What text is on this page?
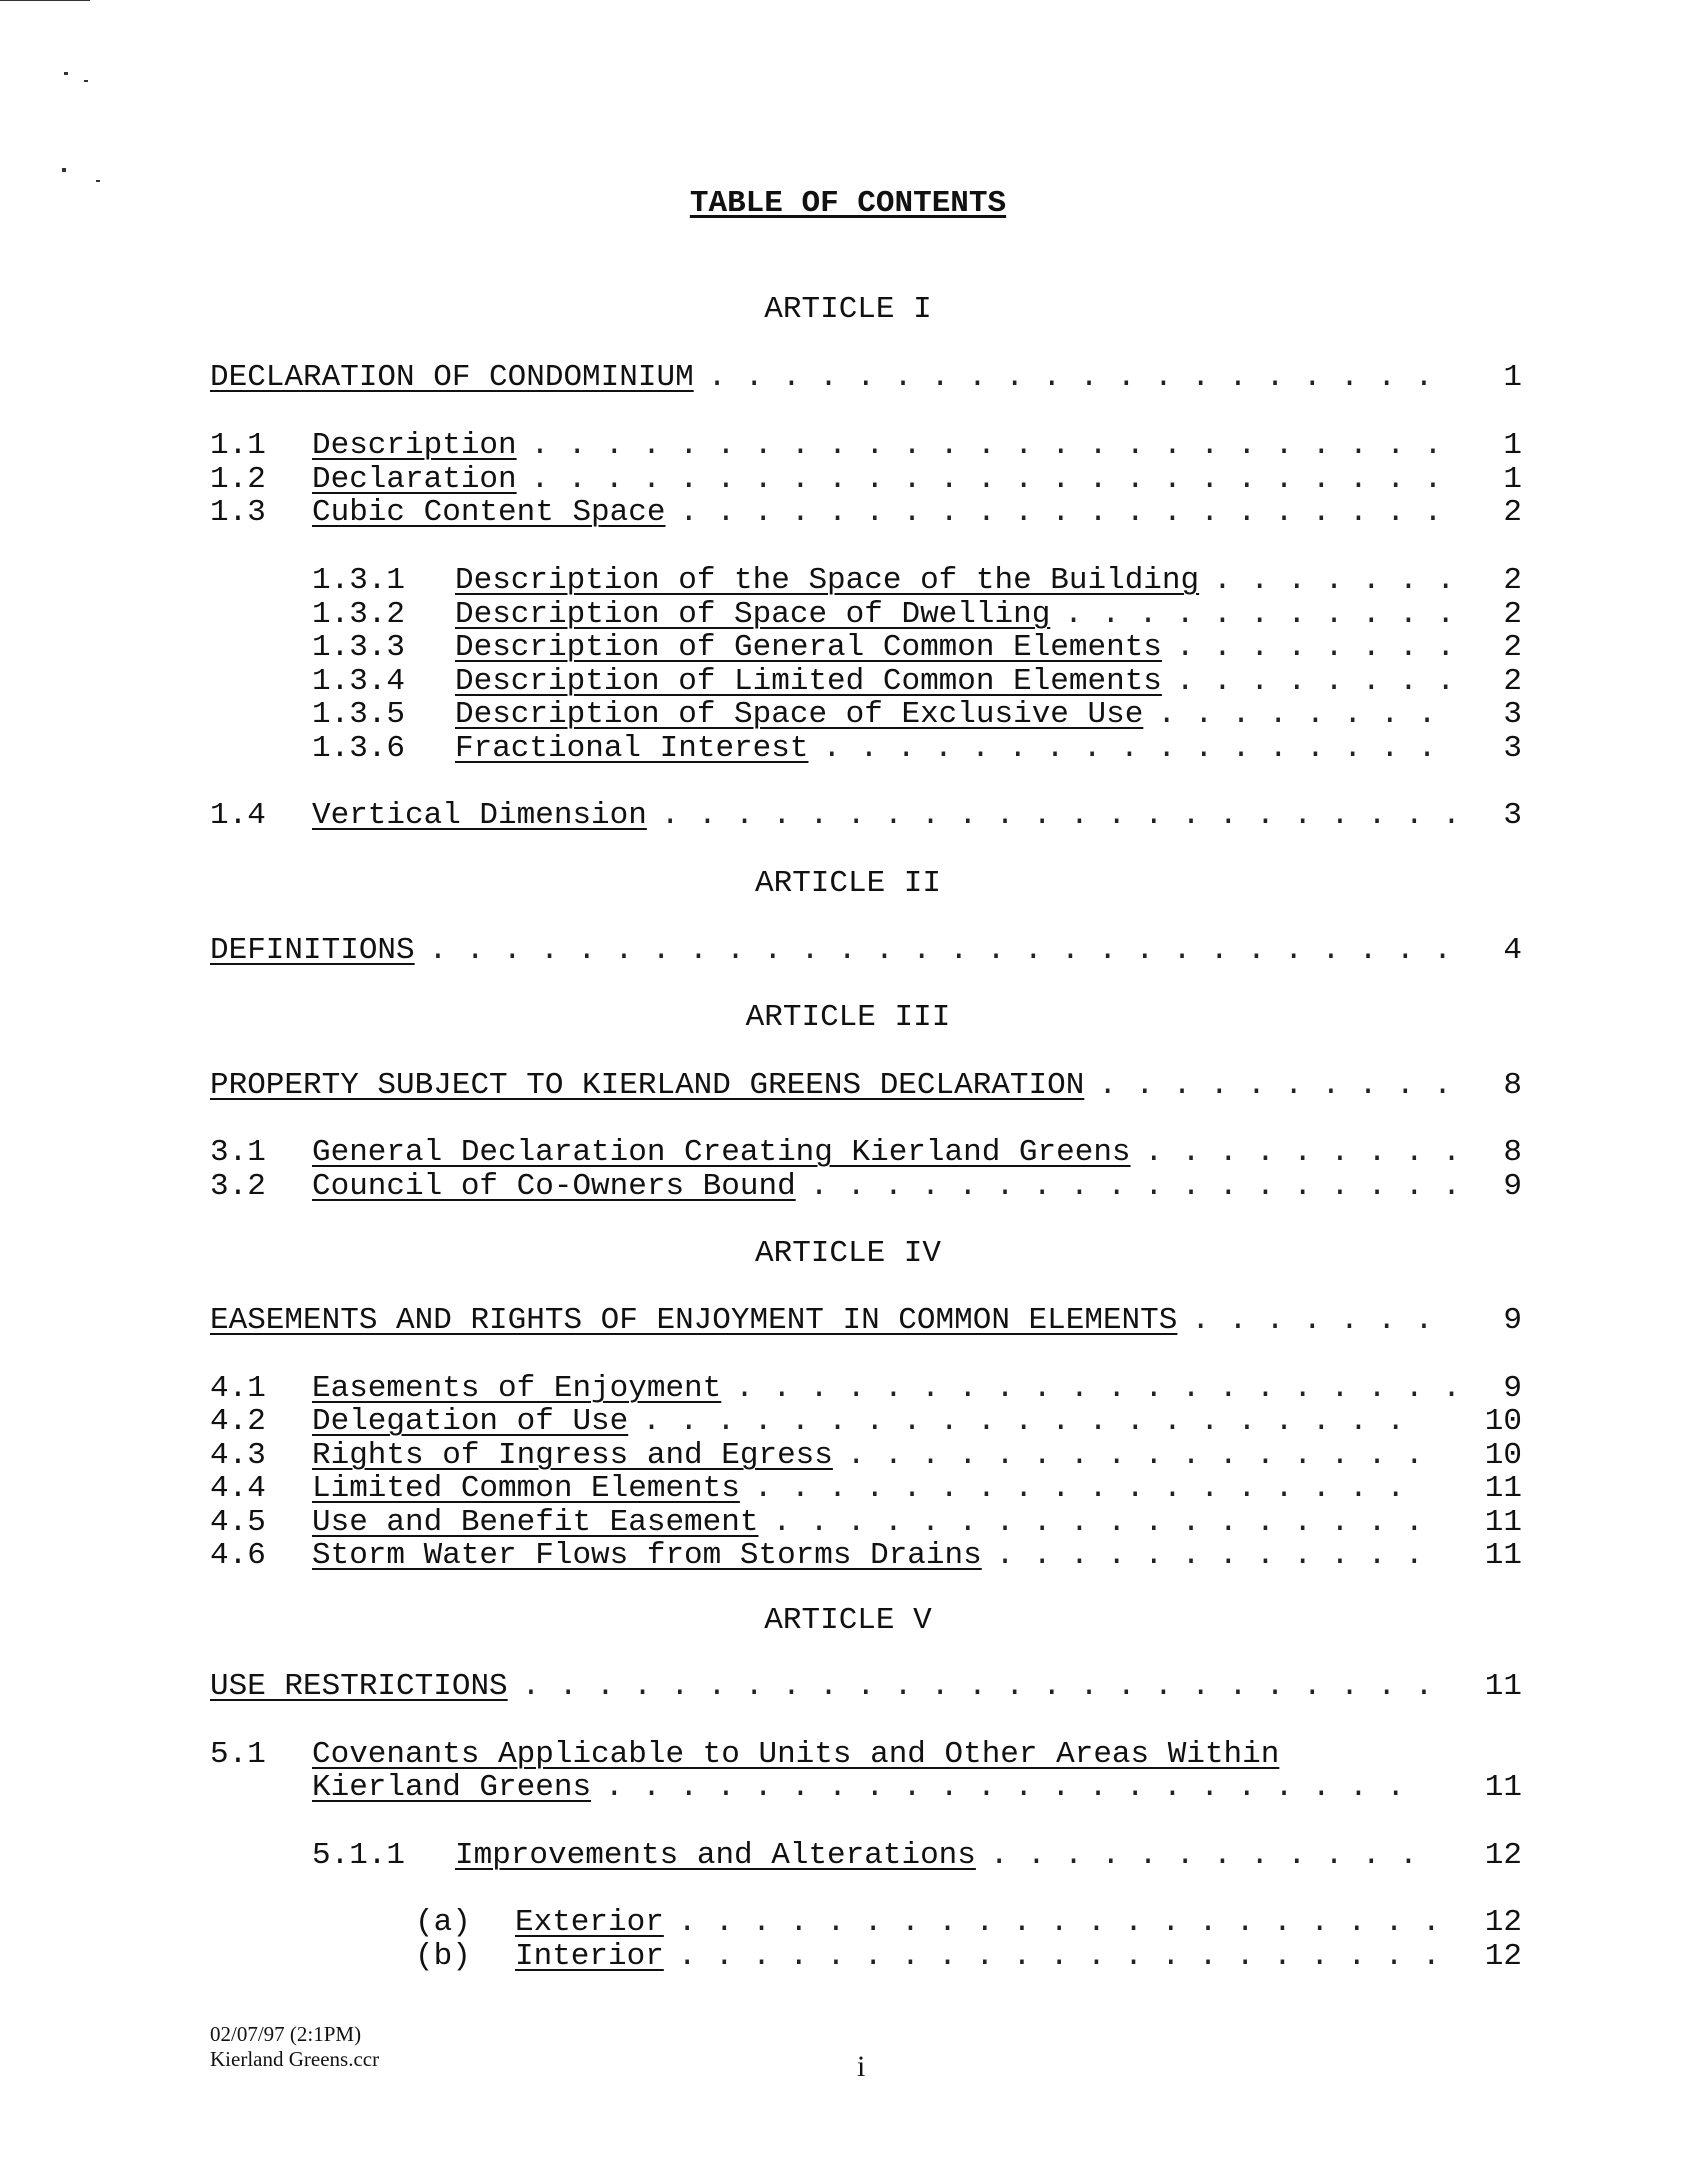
TABLE OF CONTENTS
ARTICLE I
DECLARATION OF CONDOMINIUM . . . . . . . . . . . . . . . . . . . .	1
1.1 Description . . . . . . . . . . . . . . . . . . . . . . . . .	1
1.2 Declaration . . . . . . . . . . . . . . . . . . . . . . . . .	1
1.3 Cubic Content Space . . . . . . . . . . . . . . . . . . . . .	2
1.3.1 Description of the Space of the Building . . . . . . .	2
1.3.2 Description of Space of Dwelling . . . . . . . . . . .	2
1.3.3 Description of General Common Elements . . . . . . . .	2
1.3.4 Description of Limited Common Elements . . . . . . . .	2
1.3.5 Description of Space of Exclusive Use . . . . . . . .	3
1.3.6 Fractional Interest . . . . . . . . . . . . . . . . .	3
1.4 Vertical Dimension . . . . . . . . . . . . . . . . . . . . . .	3
ARTICLE II
DEFINITIONS . . . . . . . . . . . . . . . . . . . . . . . . . . . .	4
ARTICLE III
PROPERTY SUBJECT TO KIERLAND GREENS DECLARATION . . . . . . . . . .	8
3.1 General Declaration Creating Kierland Greens . . . . . . . . .	8
3.2 Council of Co-Owners Bound . . . . . . . . . . . . . . . . . .	9
ARTICLE IV
EASEMENTS AND RIGHTS OF ENJOYMENT IN COMMON ELEMENTS . . . . . . .	9
4.1 Easements of Enjoyment . . . . . . . . . . . . . . . . . . . .	9
4.2 Delegation of Use . . . . . . . . . . . . . . . . . . . . .	10
4.3 Rights of Ingress and Egress . . . . . . . . . . . . . . . .	10
4.4 Limited Common Elements . . . . . . . . . . . . . . . . . .	11
4.5 Use and Benefit Easement . . . . . . . . . . . . . . . . . .	11
4.6 Storm Water Flows from Storms Drains . . . . . . . . . . . .	11
ARTICLE V
USE RESTRICTIONS . . . . . . . . . . . . . . . . . . . . . . . . .	11
5.1 Covenants Applicable to Units and Other Areas Within
Kierland Greens . . . . . . . . . . . . . . . . . . . . . .	11
5.1.1 Improvements and Alterations . . . . . . . . . . . .	12
(a) Exterior . . . . . . . . . . . . . . . . . . . . .	12
(b) Interior . . . . . . . . . . . . . . . . . . . . .	12
02/07/97 (2:1PM)
Kierland Greens.ccr	i
